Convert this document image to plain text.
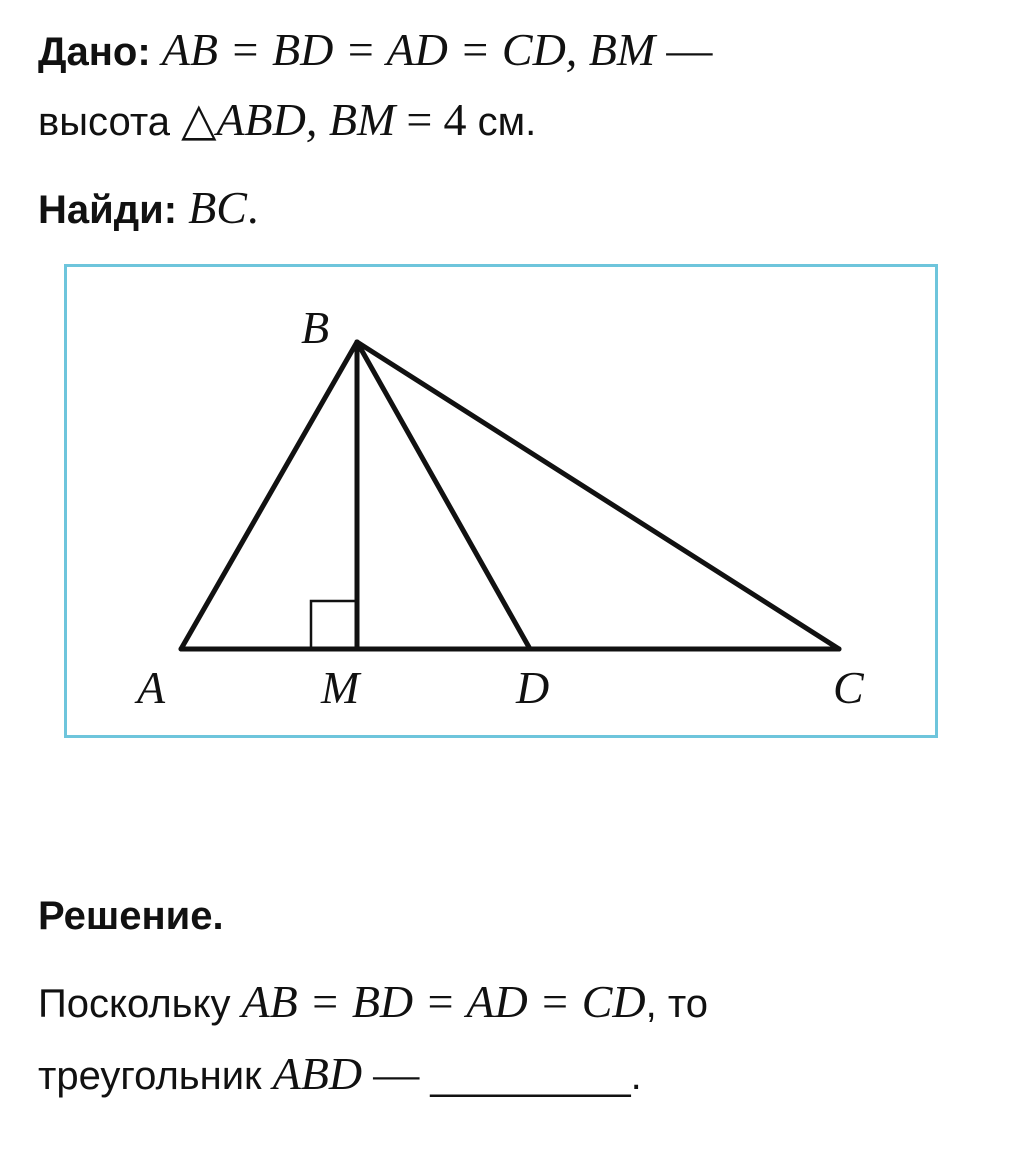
Дано: AB = BD = AD = CD, BM —
высота △ABD, BM = 4 см.
Найди: BC.
B
A	M	D	C
Решение.
Поскольку AB = BD = AD = CD, то
треугольник ABD — _________.
